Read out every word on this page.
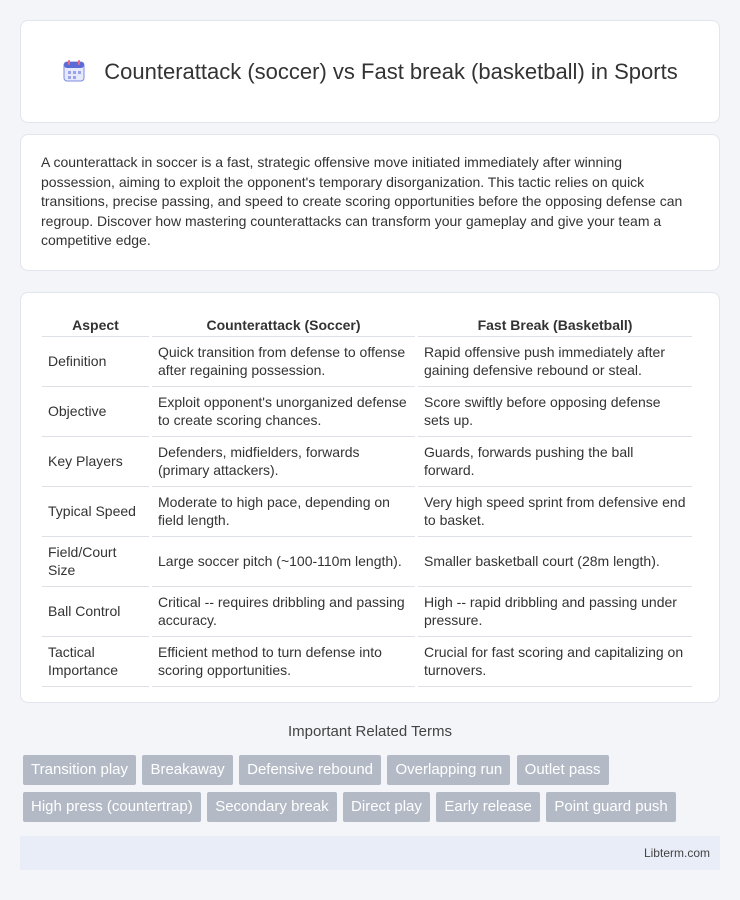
Counterattack (soccer) vs Fast break (basketball) in Sports

A counterattack in soccer is a fast, strategic offensive move initiated immediately after winning possession, aiming to exploit the opponent's temporary disorganization. This tactic relies on quick transitions, precise passing, and speed to create scoring opportunities before the opposing defense can regroup. Discover how mastering counterattacks can transform your gameplay and give your team a competitive edge.

Aspect	Counterattack (Soccer)	Fast Break (Basketball)
Definition	Quick transition from defense to offense after regaining possession.	Rapid offensive push immediately after gaining defensive rebound or steal.
Objective	Exploit opponent's unorganized defense to create scoring chances.	Score swiftly before opposing defense sets up.
Key Players	Defenders, midfielders, forwards (primary attackers).	Guards, forwards pushing the ball forward.
Typical Speed	Moderate to high pace, depending on field length.	Very high speed sprint from defensive end to basket.
Field/Court Size	Large soccer pitch (~100-110m length).	Smaller basketball court (28m length).
Ball Control	Critical -- requires dribbling and passing accuracy.	High -- rapid dribbling and passing under pressure.
Tactical Importance	Efficient method to turn defense into scoring opportunities.	Crucial for fast scoring and capitalizing on turnovers.
Important Related Terms
Transition play Breakaway Defensive rebound Overlapping run Outlet pass
High press (countertrap) Secondary break Direct play Early release Point guard push
Libterm.com
